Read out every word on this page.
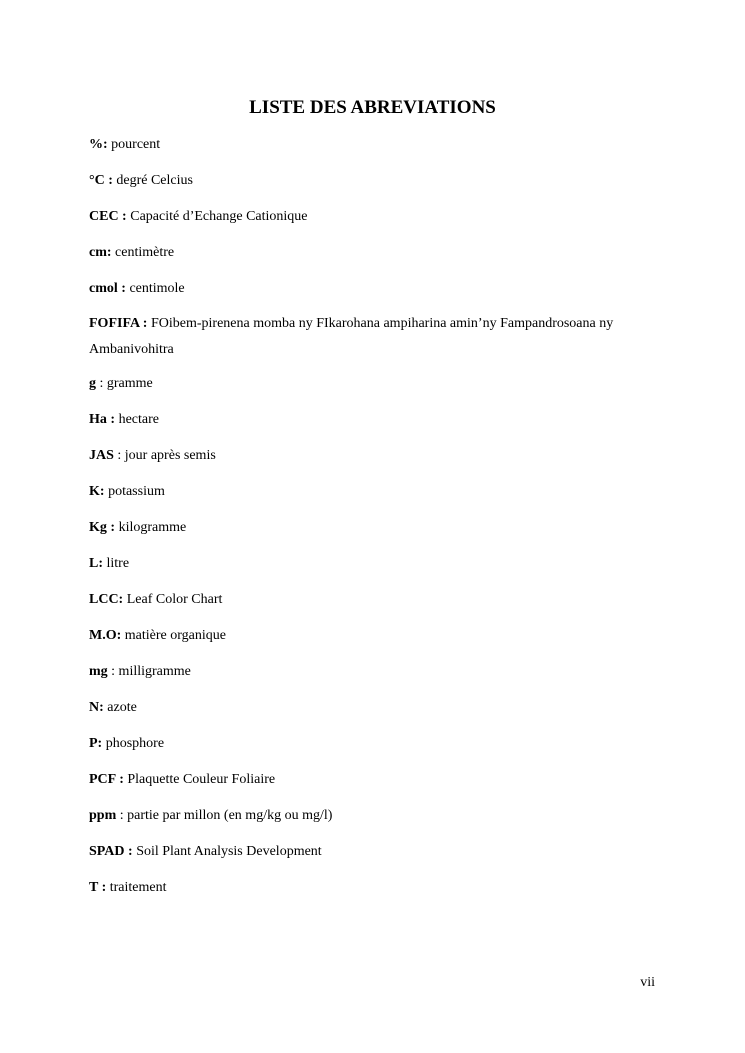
LISTE DES ABREVIATIONS
%: pourcent
°C : degré Celcius
CEC : Capacité d’Echange Cationique
cm: centimètre
cmol : centimole
FOFIFA : FOibem-pirenena momba ny FIkarohana ampiharina amin’ny Fampandrosoana ny Ambanivohitra
g : gramme
Ha : hectare
JAS : jour après semis
K: potassium
Kg : kilogramme
L: litre
LCC: Leaf Color Chart
M.O: matière organique
mg : milligramme
N: azote
P: phosphore
PCF : Plaquette Couleur Foliaire
ppm : partie par millon (en mg/kg ou mg/l)
SPAD : Soil Plant Analysis Development
T : traitement
vii
